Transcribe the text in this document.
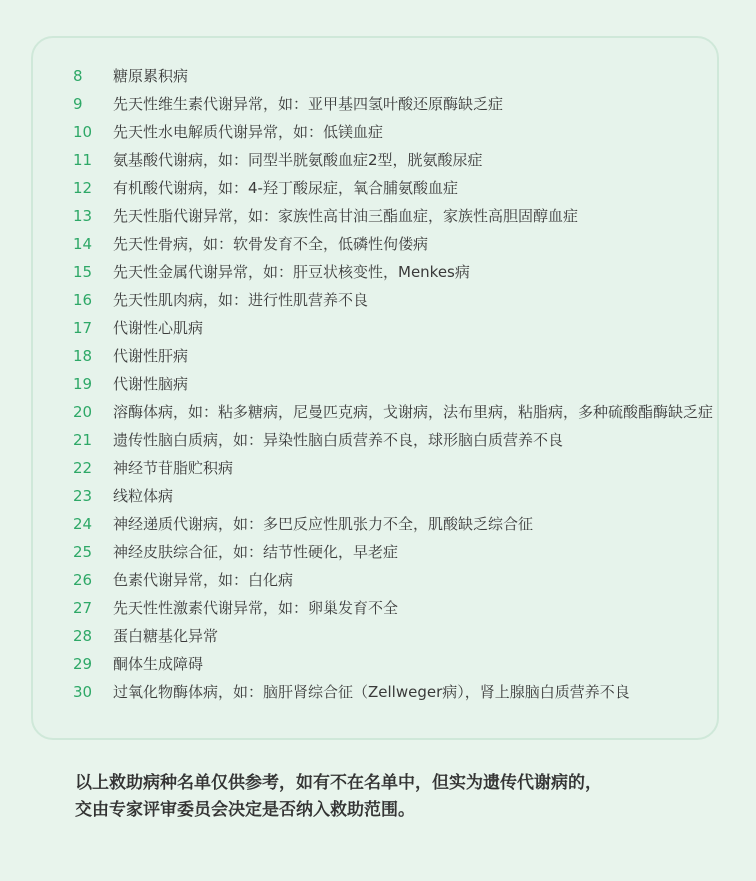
8 糖原累积病
9 先天性维生素代谢异常，如：亚甲基四氢叶酸还原酶缺乏症
10 先天性水电解质代谢异常，如：低镁血症
11 氨基酸代谢病，如：同型半胱氨酸血症2型，胱氨酸尿症
12 有机酸代谢病，如：4-羟丁酸尿症，氧合脯氨酸血症
13 先天性脂代谢异常，如：家族性高甘油三酯血症，家族性高胆固醇血症
14 先天性骨病，如：软骨发育不全，低磷性佝偻病
15 先天性金属代谢异常，如：肝豆状核变性，Menkes病
16 先天性肌肉病，如：进行性肌营养不良
17 代谢性心肌病
18 代谢性肝病
19 代谢性脑病
20 溶酶体病，如：粘多糖病，尼曼匹克病，戈谢病，法布里病，粘脂病，多种硫酸酯酶缺乏症
21 遗传性脑白质病，如：异染性脑白质营养不良，球形脑白质营养不良
22 神经节苷脂贮积病
23 线粒体病
24 神经递质代谢病，如：多巴反应性肌张力不全，肌酸缺乏综合征
25 神经皮肤综合征，如：结节性硬化，早老症
26 色素代谢异常，如：白化病
27 先天性性激素代谢异常，如：卵巢发育不全
28 蛋白糖基化异常
29 酮体生成障碍
30 过氧化物酶体病，如：脑肝肾综合征（Zellweger病），肾上腺脑白质营养不良
以上救助病种名单仅供参考，如有不在名单中，但实为遗传代谢病的，
交由专家评审委员会决定是否纳入救助范围。
